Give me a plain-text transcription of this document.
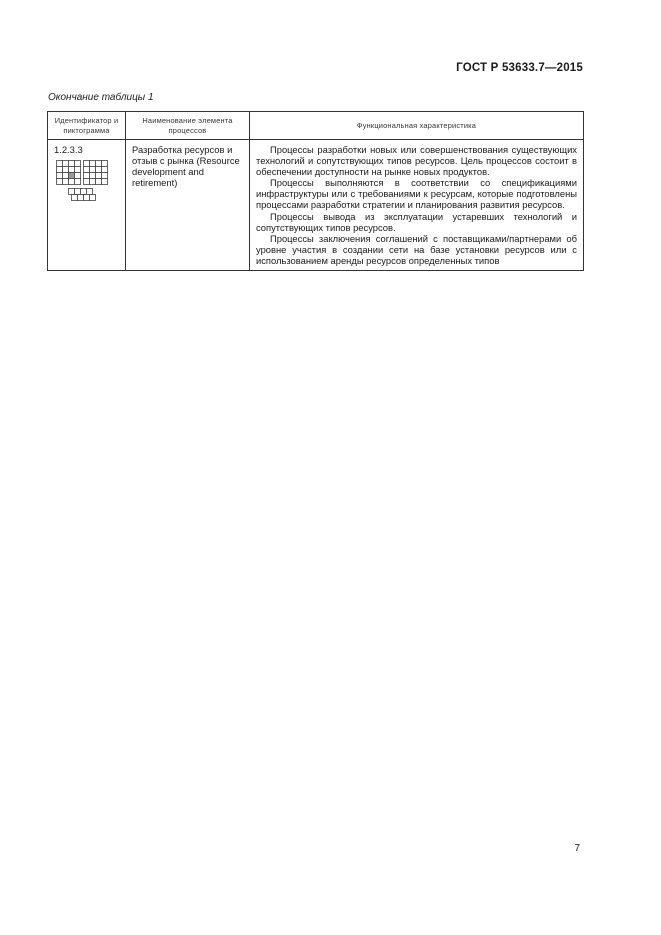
ГОСТ Р 53633.7—2015
Окончание таблицы 1
Идентификатор и пиктограмма	Наименование элемента процессов	Функциональная характеристика

1.2.3.3	Разработка ресурсов и отзыв с рынка (Resource development and retirement)	Процессы разработки новых или совершенствования существующих технологий и сопутствующих типов ресурсов. Цель процессов состоит в обеспечении доступности на рынке новых продуктов.

Процессы выполняются в соответствии со спецификациями инфраструктуры или с требованиями к ресурсам, которые подготовлены процессами разработки стратегии и планирования развития ресурсов.

Процессы вывода из эксплуатации устаревших технологий и сопутствующих типов ресурсов.

Процессы заключения соглашений с поставщиками/партнерами об уровне участия в создании сети на базе установки ресурсов или с использованием аренды ресурсов определенных типов

7
